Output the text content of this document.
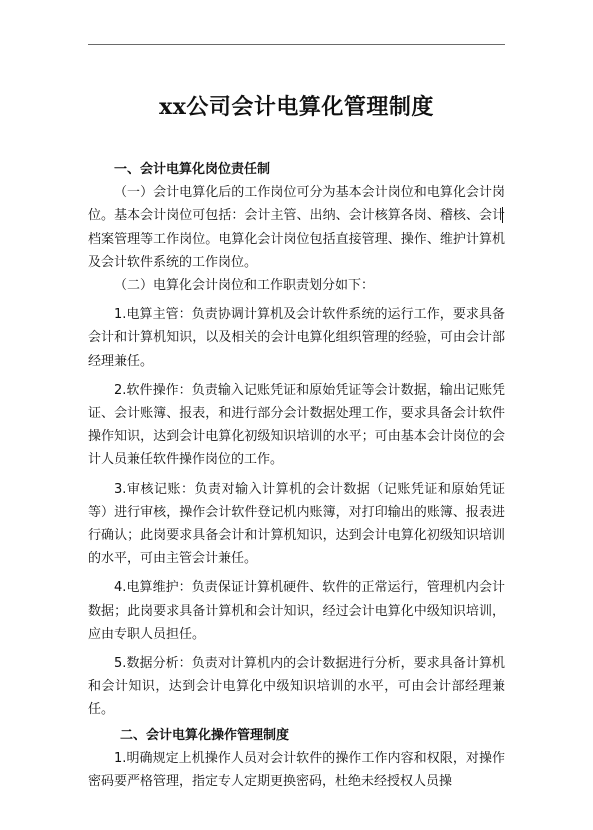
xx公司会计电算化管理制度

一、会计电算化岗位责任制

（一）会计电算化后的工作岗位可分为基本会计岗位和电算化会计岗位。基本会计岗位可包括：会计主管、出纳、会计核算各岗、稽核、会计档案管理等工作岗位。电算化会计岗位包括直接管理、操作、维护计算机及会计软件系统的工作岗位。

（二）电算化会计岗位和工作职责划分如下：

1.电算主管：负责协调计算机及会计软件系统的运行工作，要求具备会计和计算机知识，以及相关的会计电算化组织管理的经验，可由会计部经理兼任。

2.软件操作：负责输入记账凭证和原始凭证等会计数据，输出记账凭证、会计账簿、报表，和进行部分会计数据处理工作，要求具备会计软件操作知识，达到会计电算化初级知识培训的水平；可由基本会计岗位的会计人员兼任软件操作岗位的工作。

3.审核记账：负责对输入计算机的会计数据（记账凭证和原始凭证等）进行审核，操作会计软件登记机内账簿，对打印输出的账簿、报表进行确认；此岗要求具备会计和计算机知识，达到会计电算化初级知识培训的水平，可由主管会计兼任。

4.电算维护：负责保证计算机硬件、软件的正常运行，管理机内会计数据；此岗要求具备计算机和会计知识，经过会计电算化中级知识培训，应由专职人员担任。

5.数据分析：负责对计算机内的会计数据进行分析，要求具备计算机和会计知识，达到会计电算化中级知识培训的水平，可由会计部经理兼任。

二、会计电算化操作管理制度

1.明确规定上机操作人员对会计软件的操作工作内容和权限，对操作密码要严格管理，指定专人定期更换密码，杜绝未经授权人员操
